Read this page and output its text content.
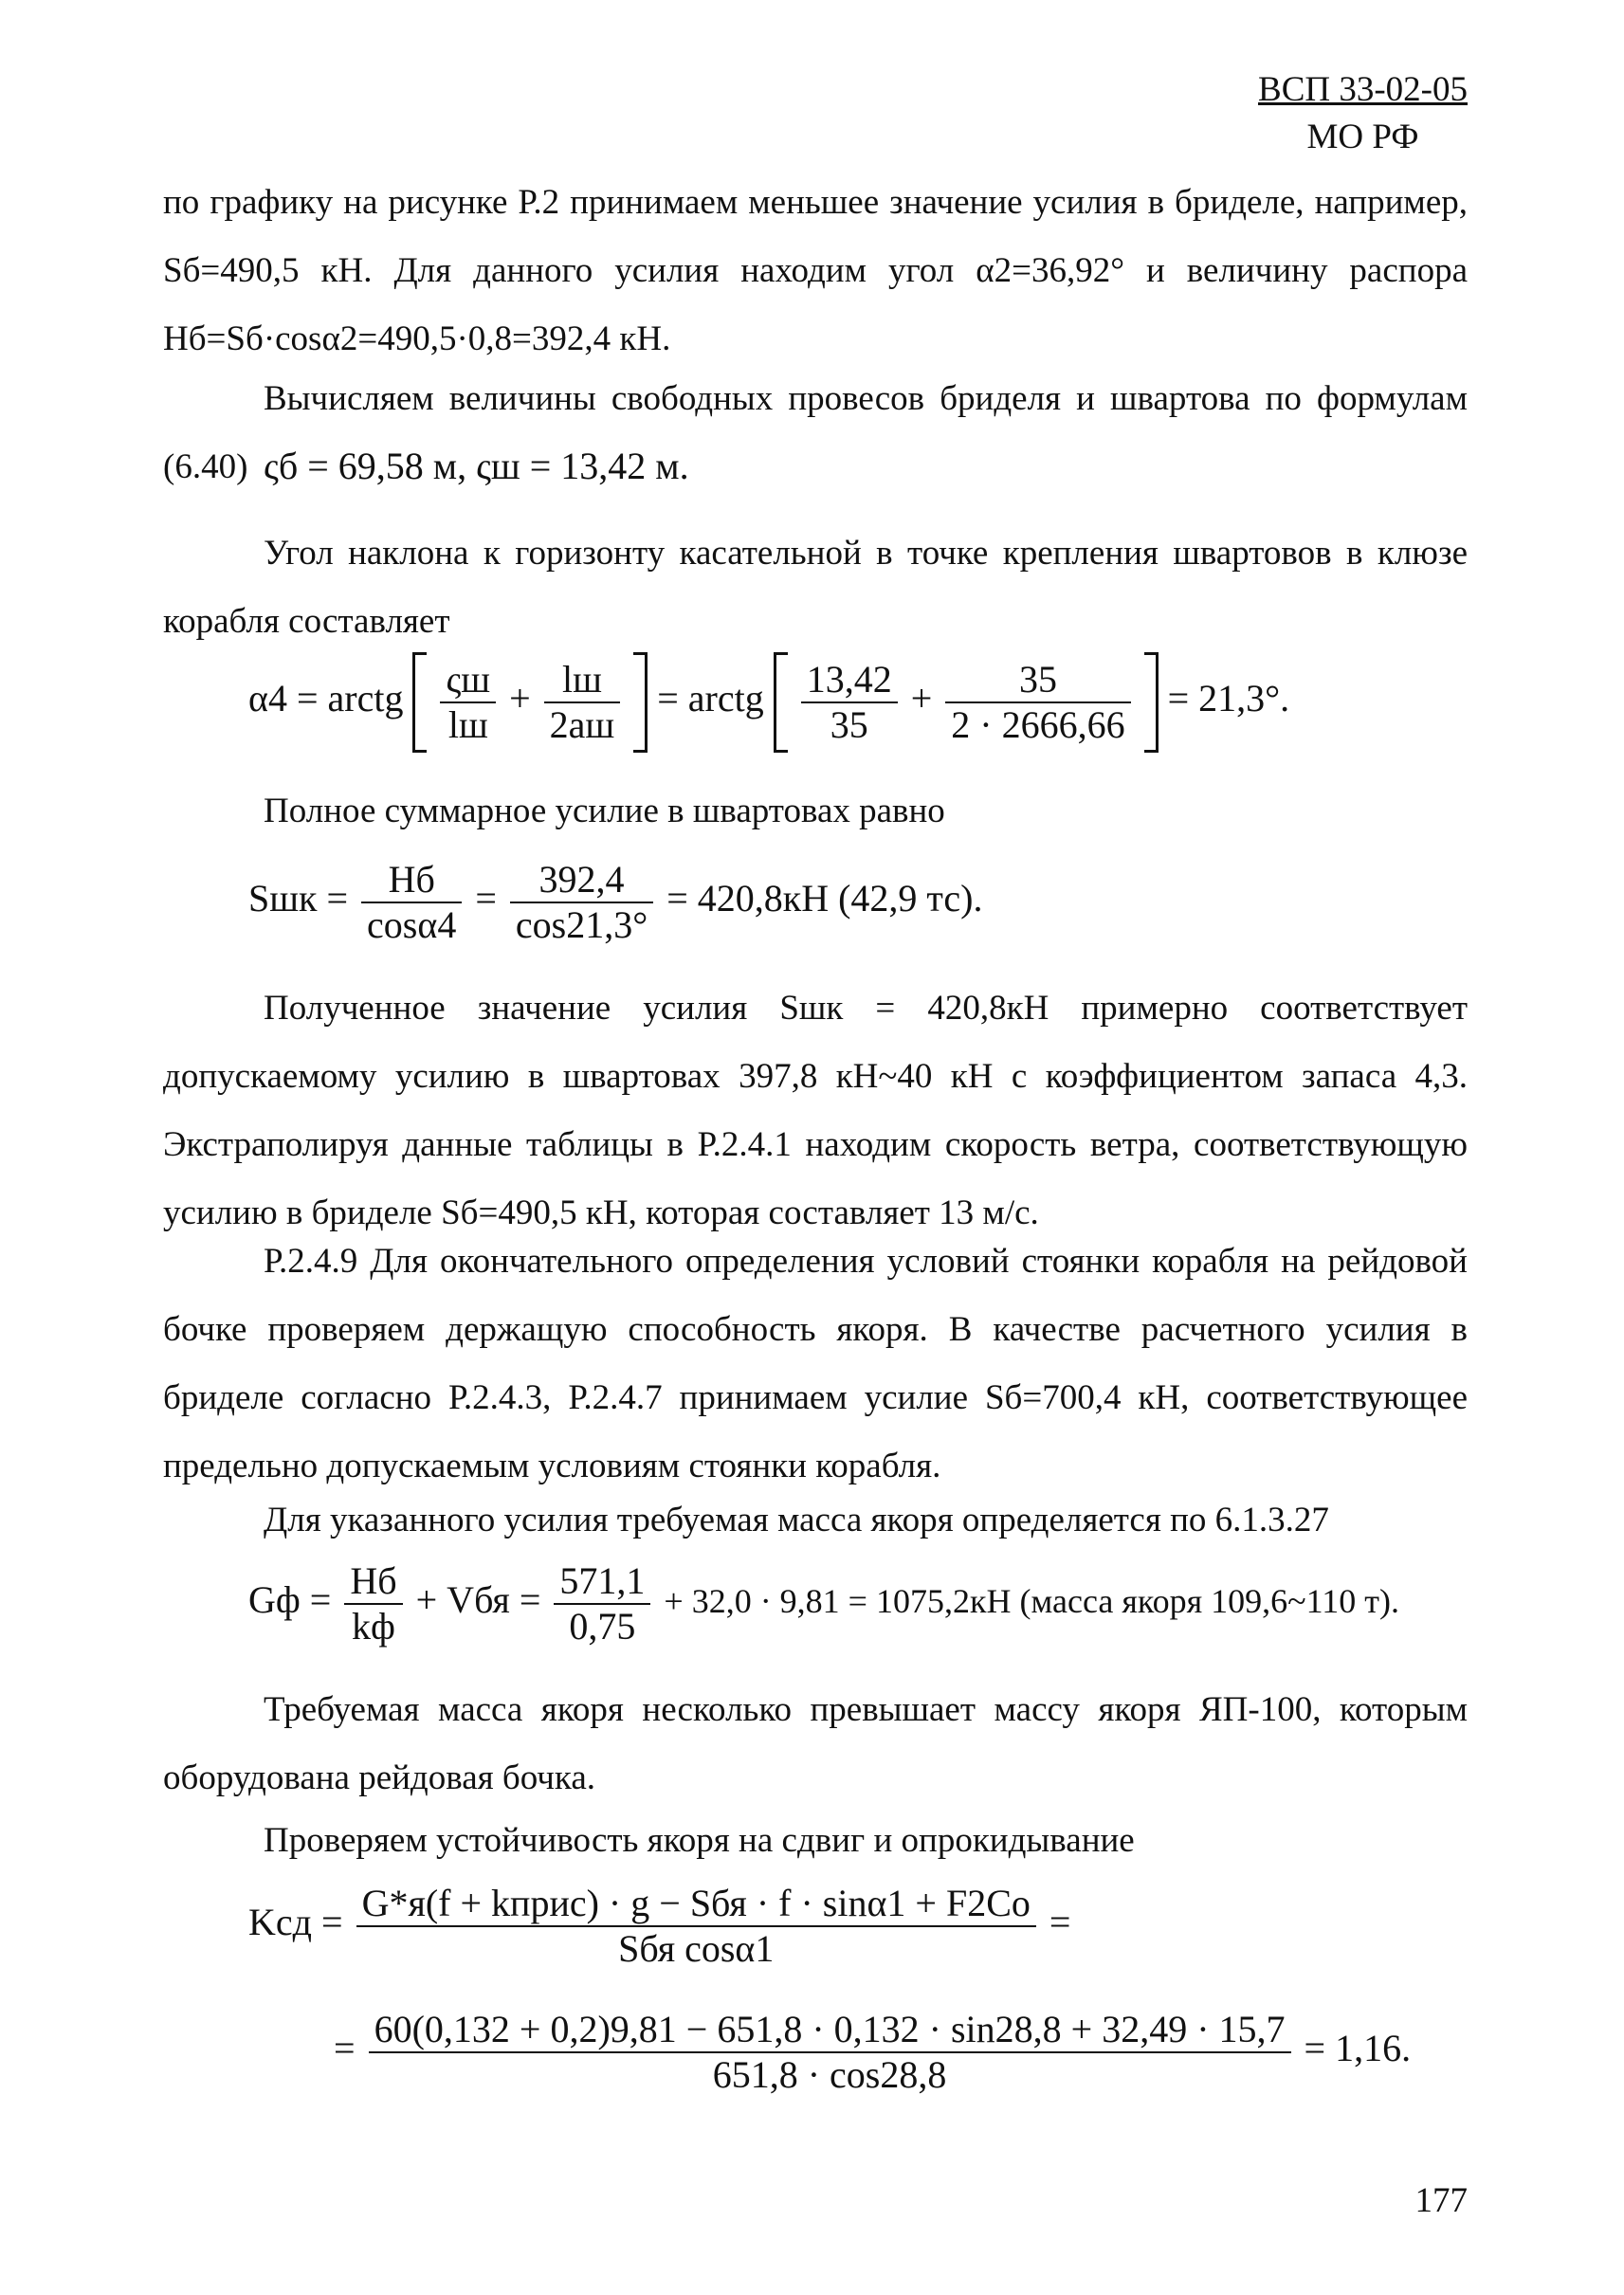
ВСП 33-02-05
МО РФ

по графику на рисунке Р.2 принимаем меньшее значение усилия в бриделе, например, Sб=490,5 кН. Для данного усилия находим угол α2=36,92° и величину распора Hб=Sб·cosα2=490,5·0,8=392,4 кН.

Вычисляем величины свободных провесов бриделя и швартова по формулам (6.40) ςб = 69,58 м, ςш = 13,42 м.

Угол наклона к горизонту касательной в точке крепления швартовов в клюзе корабля составляет

α4 = arctg $\frac{\varsigma ш}{lш} + \frac{lш}{2aш}$ = arctg $\frac{13,42}{35} + \frac{35}{2 \cdot 2666,66} = 21,3^\circ$.

Полное суммарное усилие в швартовах равно

Sшк = $\frac{Hб}{\cos\alpha 4} = \frac{392,4}{\cos 21,3^\circ} = 420,8кН$ (42,9 тс).

Полученное значение усилия Sшк = 420,8кН примерно соответствует допускаемому усилию в швартовах 397,8 кН~40 кН с коэффициентом запаса 4,3. Экстраполируя данные таблицы в Р.2.4.1 находим скорость ветра, соответствующую усилию в бриделе Sб=490,5 кН, которая составляет 13 м/с.

Р.2.4.9 Для окончательного определения условий стоянки корабля на рейдовой бочке проверяем держащую способность якоря. В качестве расчетного усилия в бриделе согласно Р.2.4.3, Р.2.4.7 принимаем усилие Sб=700,4 кН, соответствующее предельно допускаемым условиям стоянки корабля.

Для указанного усилия требуемая масса якоря определяется по 6.1.3.27

Gф = $\frac{Hб}{kф}$ + Vбя = $\frac{571,1}{0,75} + 32,0 \cdot 9,81 = 1075,2кН$ (масса якоря 109,6~110 т).

Требуемая масса якоря несколько превышает массу якоря ЯП-100, которым оборудована рейдовая бочка.

Проверяем устойчивость якоря на сдвиг и опрокидывание

Kсд = $\frac{\text{G*я(f + kприс) · g − Sбя · f · sinα1 + F2Cо}}{\text{Sбя cosα1}}$ =
= $\frac{60(0,132 + 0,2)9,81 - 651,8 \cdot 0,132 \cdot \sin 28,8 + 32,49 \cdot 15,7}{651,8 \cdot \cos 28,8} = 1,16$.
177
